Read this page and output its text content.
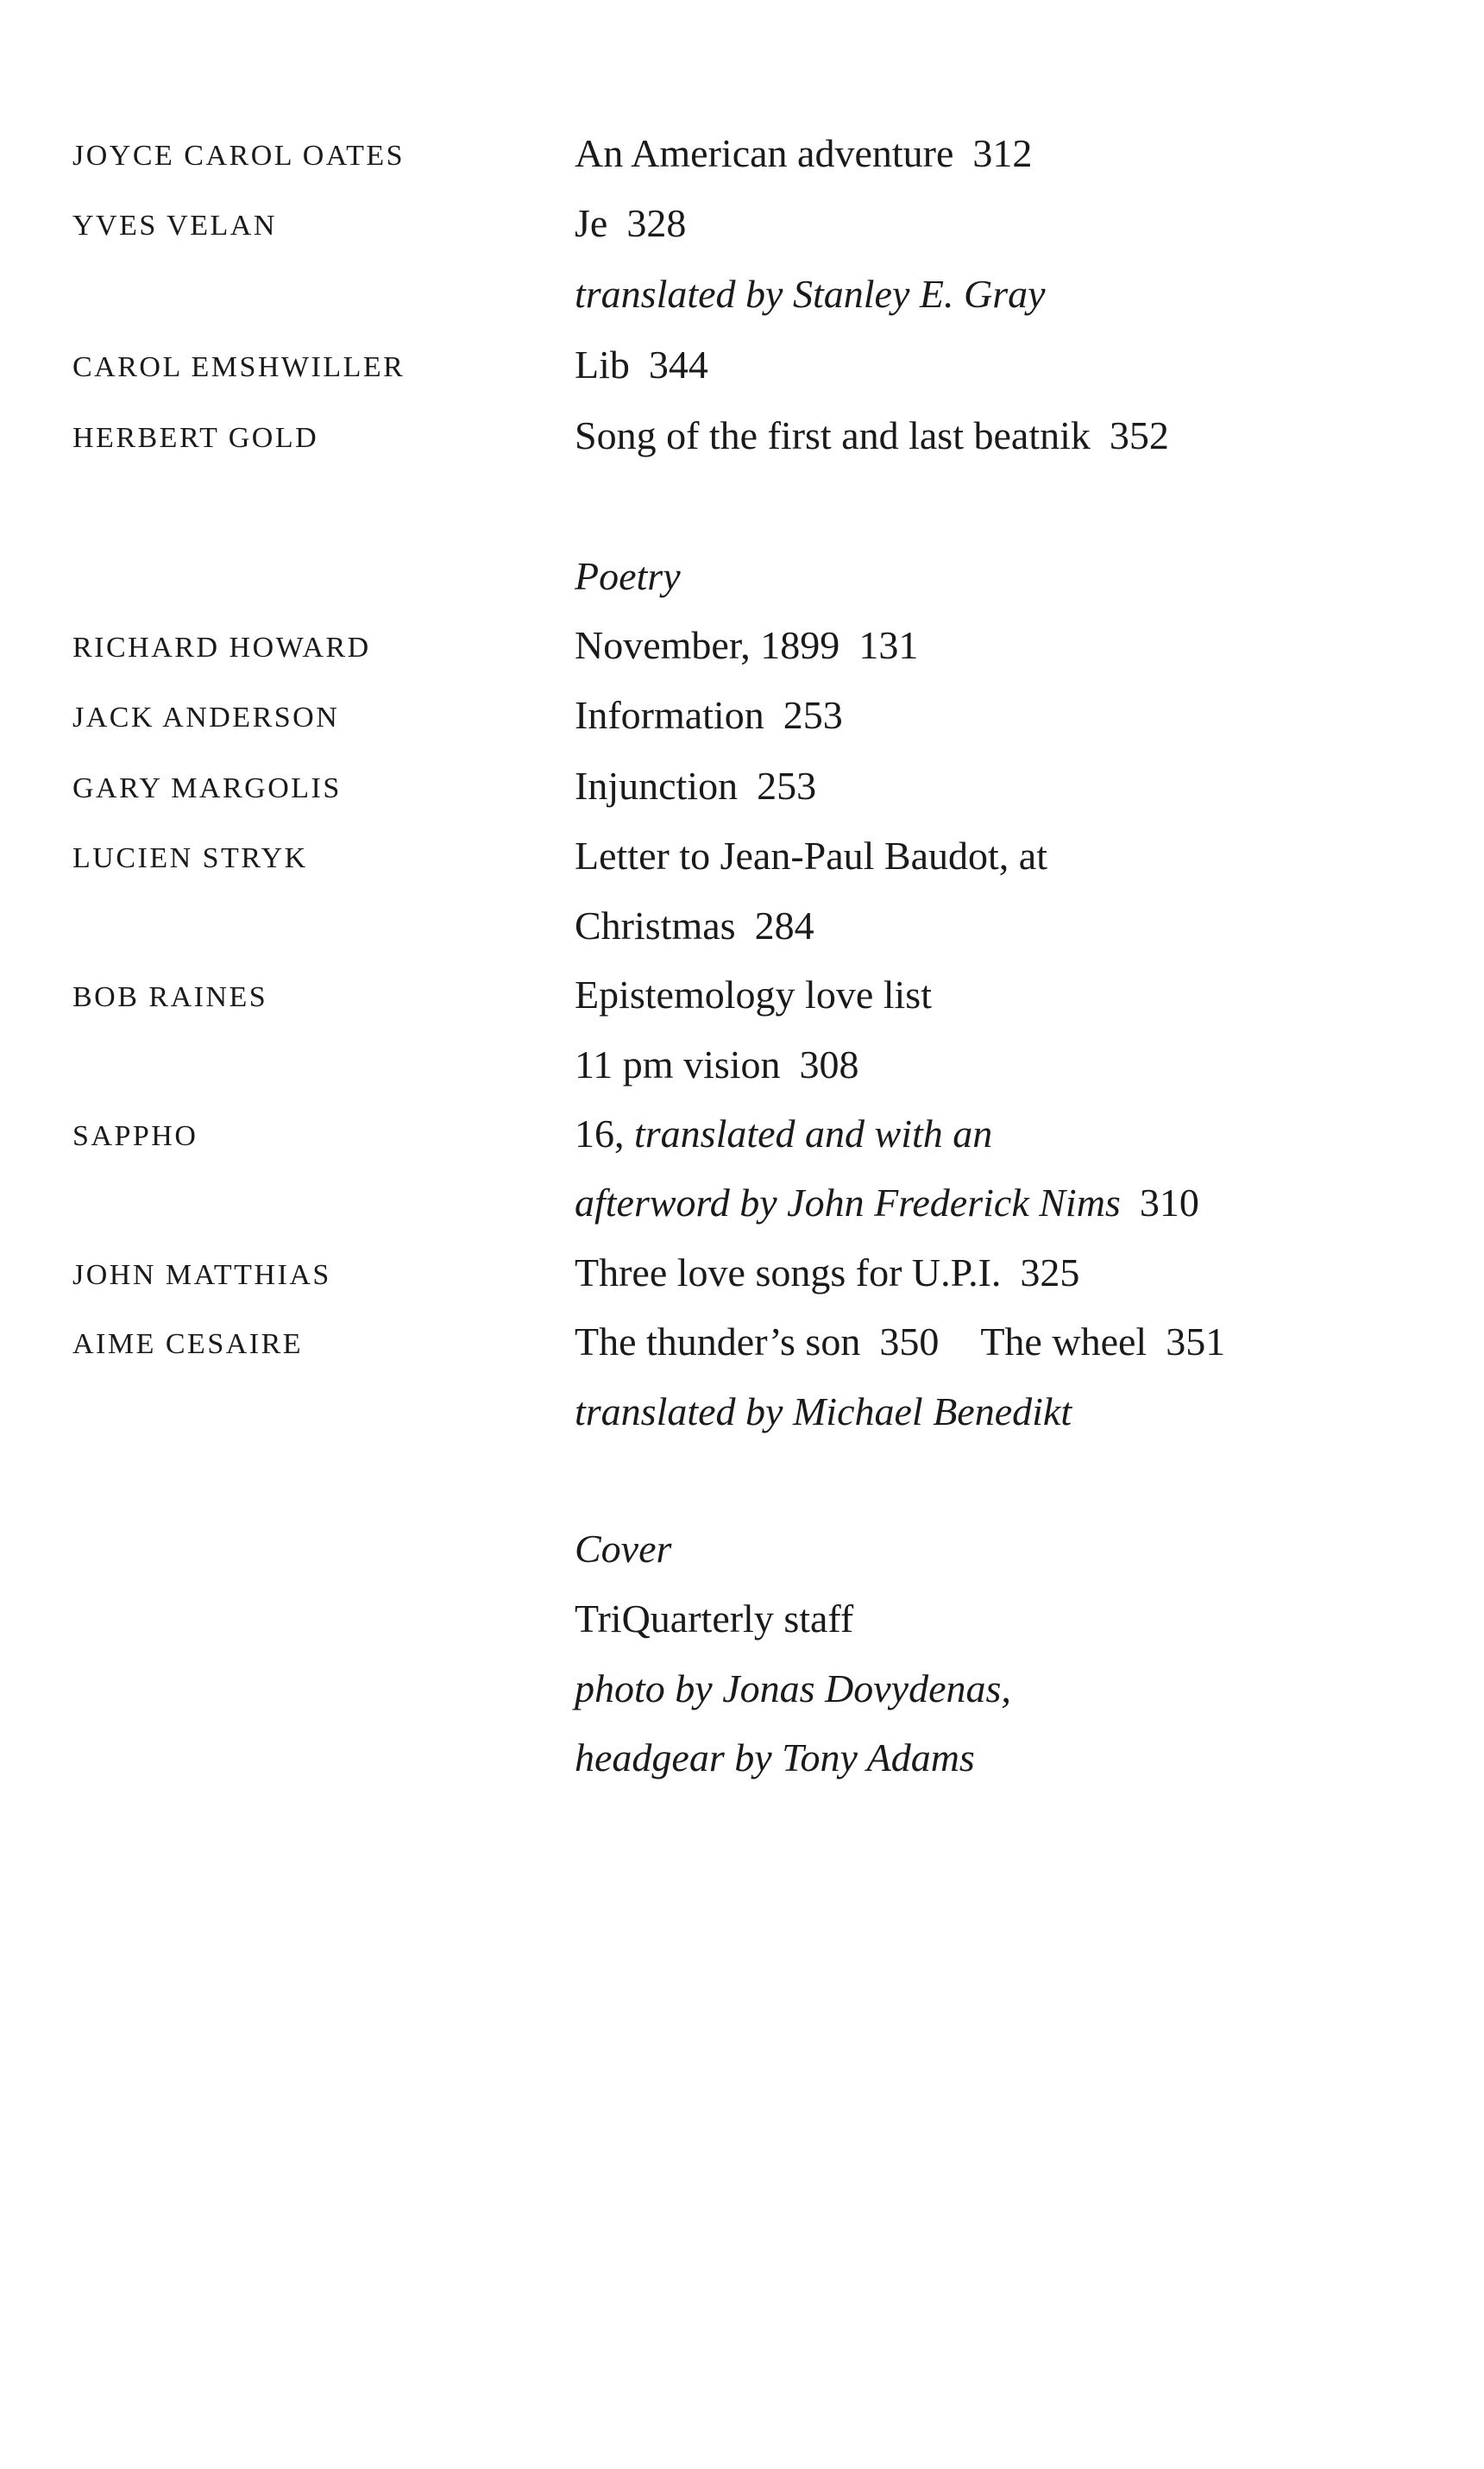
JOYCE CAROL OATES	An American adventure 312
YVES VELAN	Je 328
translated by Stanley E. Gray
CAROL EMSHWILLER	Lib 344
HERBERT GOLD	Song of the first and last beatnik 352
Poetry
RICHARD HOWARD	November, 1899 131
JACK ANDERSON	Information 253
GARY MARGOLIS	Injunction 253
LUCIEN STRYK	Letter to Jean-Paul Baudot, at
Christmas 284
BOB RAINES	Epistemology love list
11 pm vision 308
SAPPHO	16, translated and with an
afterword by John Frederick Nims 310
JOHN MATTHIAS	Three love songs for U.P.I. 325
AIME CESAIRE	The thunder’s son 350 The wheel 351
translated by Michael Benedikt
Cover
TriQuarterly staff
photo by Jonas Dovydenas,
headgear by Tony Adams
